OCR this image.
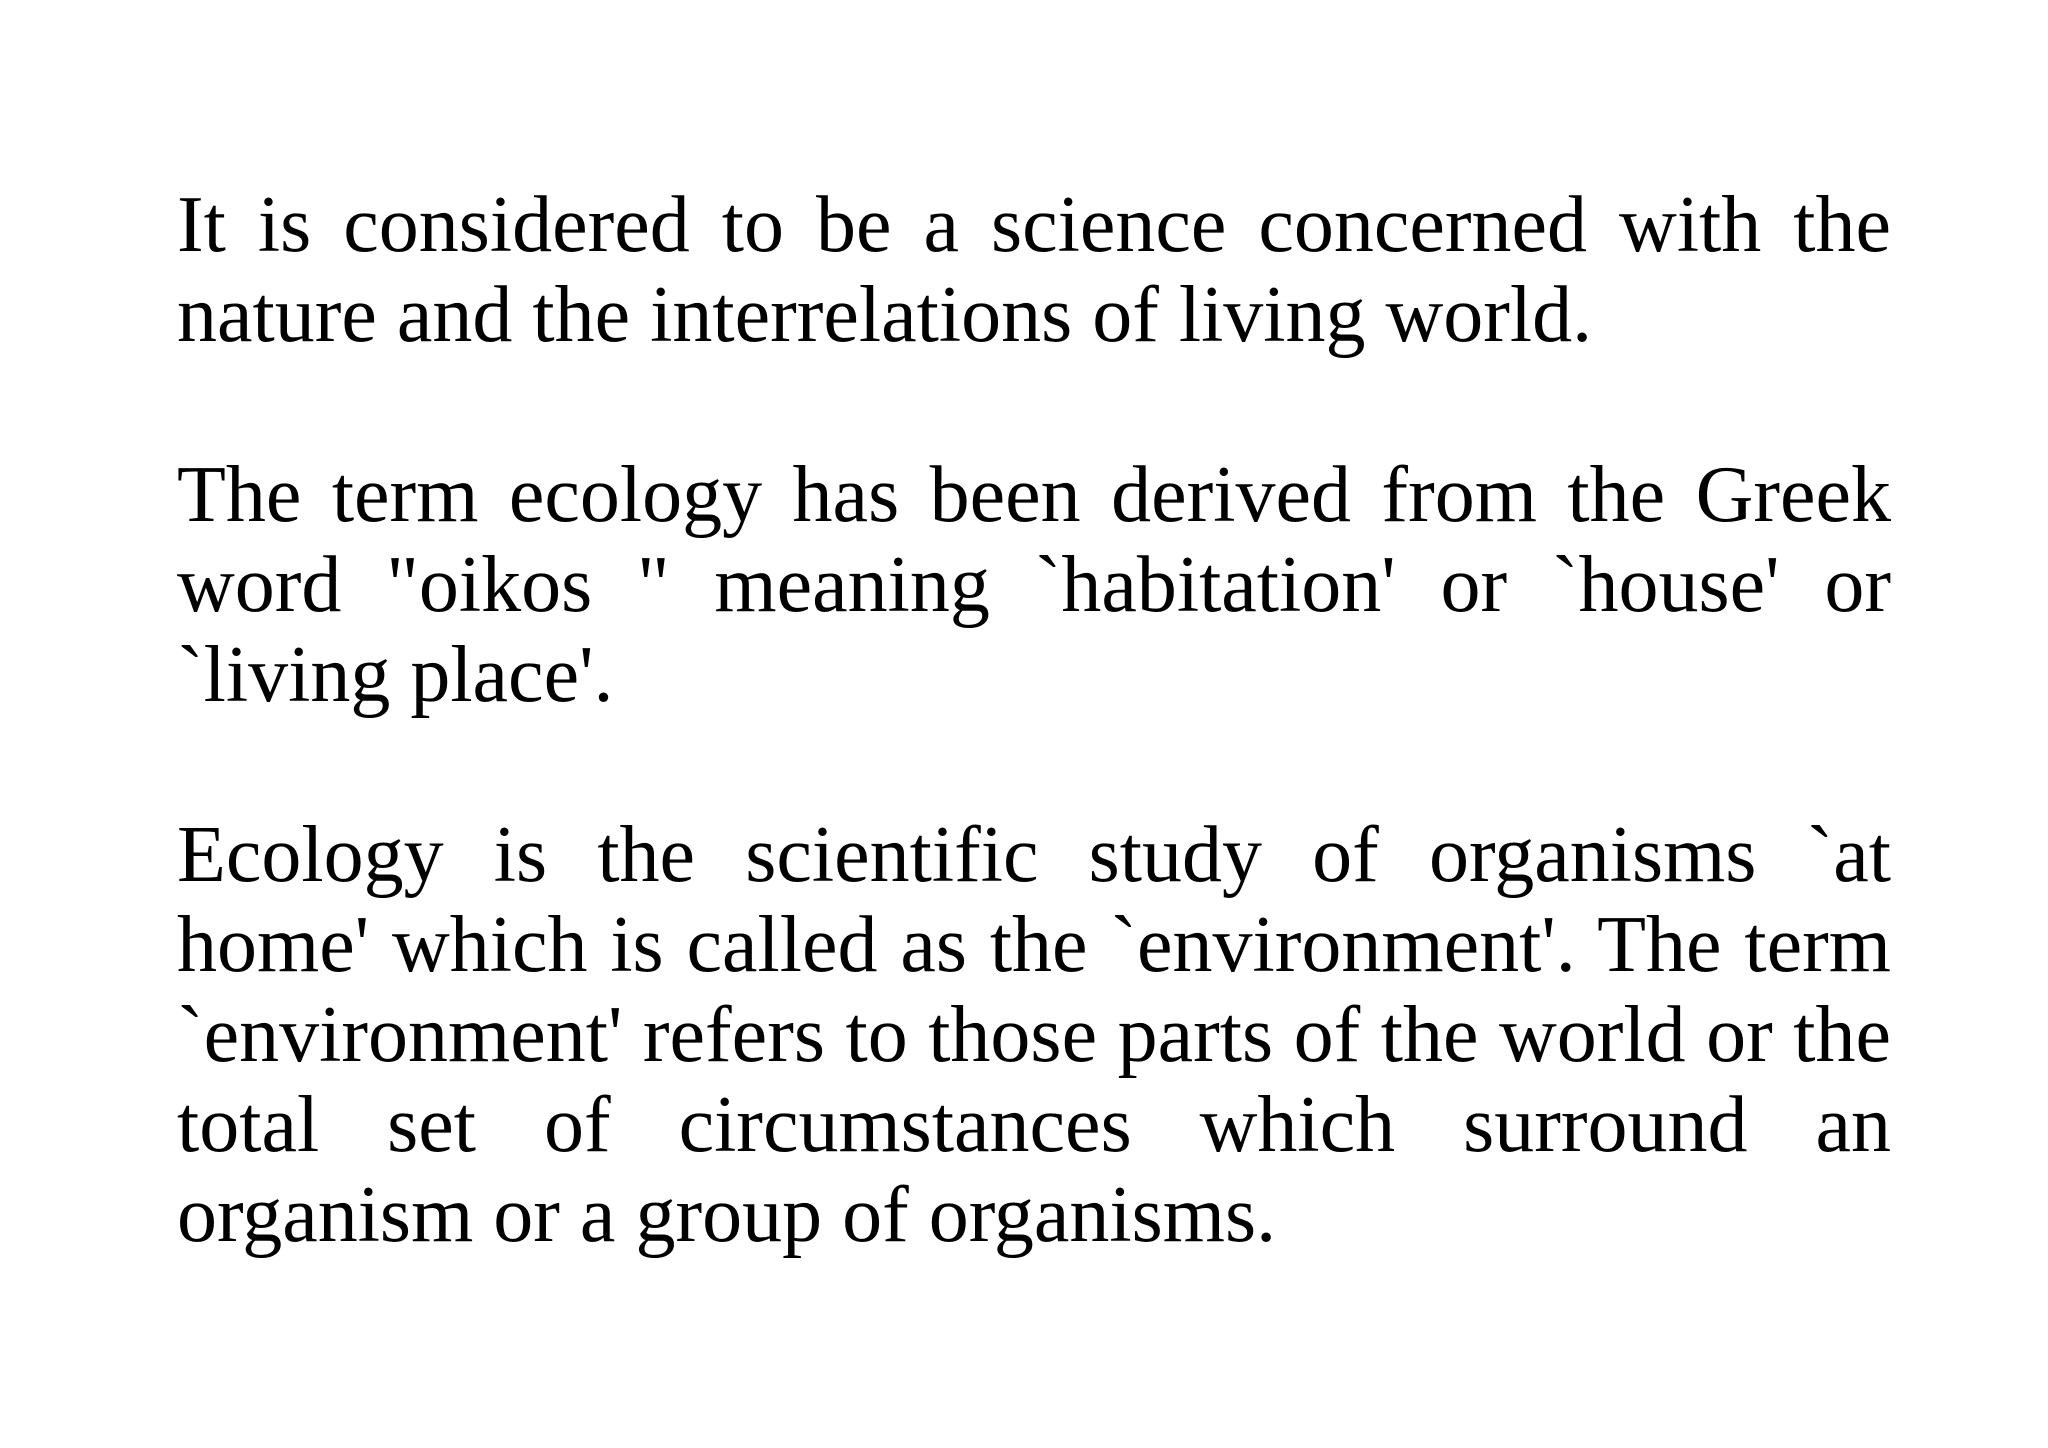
It is considered to be a science concerned with the nature and the interrelations of living world.

The term ecology has been derived from the Greek word "oikos " meaning `habitation' or `house' or `living place'.

Ecology is the scientific study of organisms `at home' which is called as the `environment'. The term `environment' refers to those parts of the world or the total set of circumstances which surround an organism or a group of organisms.
